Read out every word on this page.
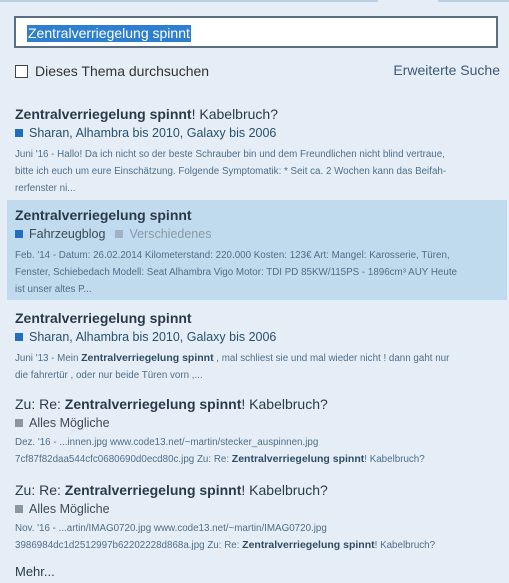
Zentralverriegelung spinnt
Dieses Thema durchsuchen	Erweiterte Suche
Zentralverriegelung spinnt! Kabelbruch?
Sharan, Alhambra bis 2010, Galaxy bis 2006
Juni '16 - Hallo! Da ich nicht so der beste Schrauber bin und dem Freundlichen nicht blind vertraue,
bitte ich euch um eure Einschätzung. Folgende Symptomatik: * Seit ca. 2 Wochen kann das Beifah-
rerfenster ni...
Zentralverriegelung spinnt
Fahrzeugblog Verschiedenes
Feb. '14 - Datum: 26.02.2014 Kilometerstand: 220.000 Kosten: 123€ Art: Mangel: Karosserie, Türen,
Fenster, Schiebedach Modell: Seat Alhambra Vigo Motor: TDI PD 85KW/115PS - 1896cm³ AUY Heute
ist unser altes P...
Zentralverriegelung spinnt
Sharan, Alhambra bis 2010, Galaxy bis 2006
Juni '13 - Mein Zentralverriegelung spinnt , mal schliest sie und mal wieder nicht ! dann gaht nur
die fahrertür , oder nur beide Türen vorn ,...
Zu: Re: Zentralverriegelung spinnt! Kabelbruch?
Alles Mögliche
Dez. '16 - ...innen.jpg www.code13.net/~martin/stecker_auspinnen.jpg
7cf87f82daa544cfc0680690d0ecd80c.jpg Zu: Re: Zentralverriegelung spinnt! Kabelbruch?
Zu: Re: Zentralverriegelung spinnt! Kabelbruch?
Alles Mögliche
Nov. '16 - ...artin/IMAG0720.jpg www.code13.net/~martin/IMAG0720.jpg
3986984dc1d2512997b62202228d868a.jpg Zu: Re: Zentralverriegelung spinnt! Kabelbruch?
Mehr...
